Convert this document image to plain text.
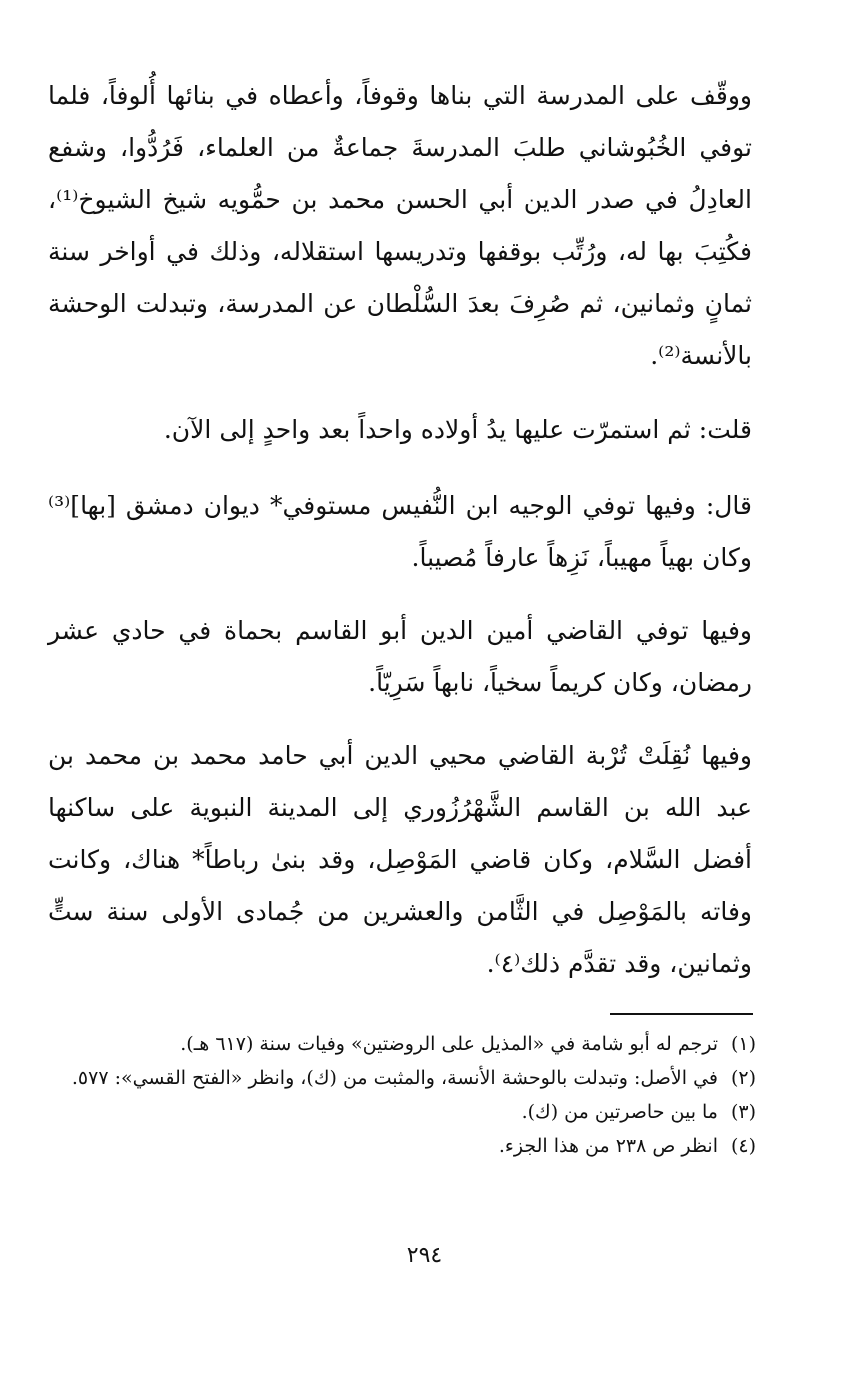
ووقّف على المدرسة التي بناها وقوفاً، وأعطاه في بنائها أُلوفاً، فلما توفي الخُبُوشاني طلبَ المدرسةَ جماعةٌ من العلماء، فَرُدُّوا، وشفع العادِلُ في صدر الدين أبي الحسن محمد بن حمُّويه شيخ الشيوخ⁽¹⁾، فكُتِبَ بها له، ورُتِّب بوقفها وتدريسها استقلاله، وذلك في أواخر سنة ثمانٍ وثمانين، ثم صُرِفَ بعدَ السُّلْطان عن المدرسة، وتبدلت الوحشة بالأنسة⁽²⁾.

قلت: ثم استمرّت عليها يدُ أولاده واحداً بعد واحدٍ إلى الآن.

قال: وفيها توفي الوجيه ابن النُّفيس مستوفي* ديوان دمشق [بها]⁽³⁾ وكان بهياً مهيباً، نَزِهاً عارفاً مُصيباً.

وفيها توفي القاضي أمين الدين أبو القاسم بحماة في حادي عشر رمضان، وكان كريماً سخياً، نابهاً سَرِيّاً.

وفيها نُقِلَتْ تُرْبة القاضي محيي الدين أبي حامد محمد بن محمد بن عبد الله بن القاسم الشَّهْرُزُوري إلى المدينة النبوية على ساكنها أفضل السَّلام، وكان قاضي المَوْصِل، وقد بنىٰ رباطاً* هناك، وكانت وفاته بالمَوْصِل في الثَّامن والعشرين من جُمادى الأولى سنة ستٍّ وثمانين، وقد تقدَّم ذلك⁽٤⁾.

(١)
ترجم له أبو شامة في «المذيل على الروضتين» وفيات سنة (٦١٧ هـ).
(٢)
في الأصل: وتبدلت بالوحشة الأنسة، والمثبت من (ك)، وانظر «الفتح القسي»: ٥٧٧.
(٣)
ما بين حاصرتين من (ك).
(٤)
انظر ص ٢٣٨ من هذا الجزء.
٢٩٤
